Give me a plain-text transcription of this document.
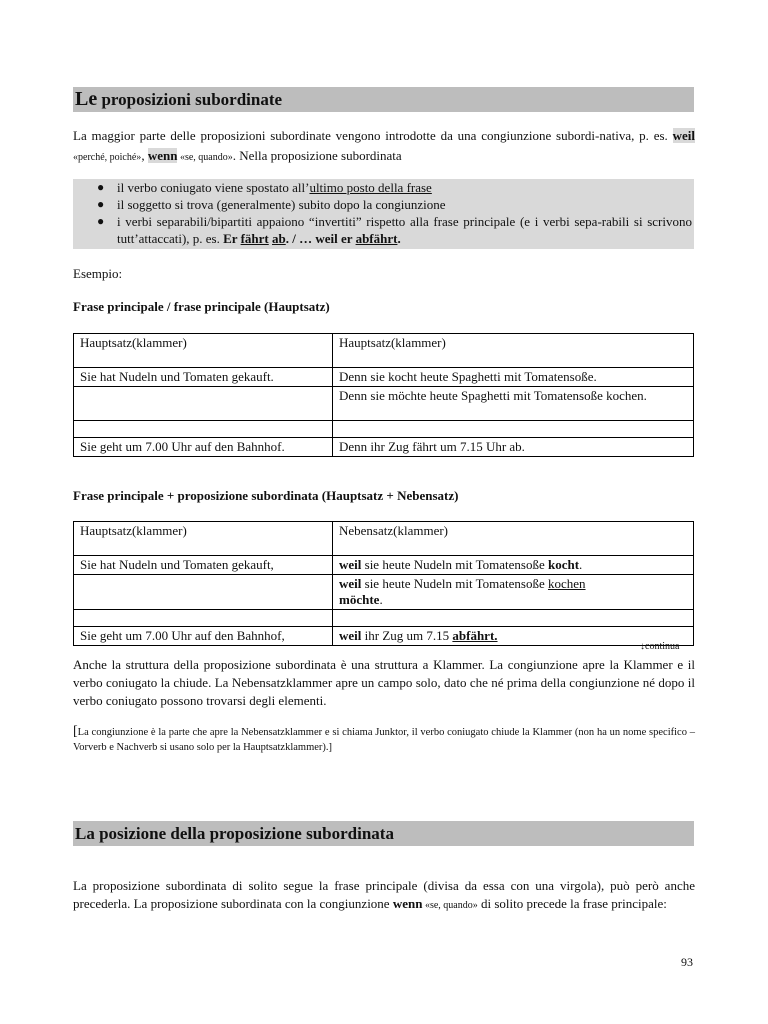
Le proposizioni subordinate

La maggior parte delle proposizioni subordinate vengono introdotte da una congiunzione subordi-nativa, p. es. weil «perché, poiché», wenn «se, quando». Nella proposizione subordinata

● il verbo coniugato viene spostato all’ultimo posto della frase
● il soggetto si trova (generalmente) subito dopo la congiunzione
● i verbi separabili/bipartiti appaiono “invertiti” rispetto alla frase principale (e i verbi sepa-rabili si scrivono tutt’attaccati), p. es. Er fährt ab. / … weil er abfährt.

Esempio:

Frase principale / frase principale (Hauptsatz)
Hauptsatz(klammer)	Hauptsatz(klammer)
Sie hat Nudeln und Tomaten gekauft.	Denn sie kocht heute Spaghetti mit Tomatensoße.
	Denn sie möchte heute Spaghetti mit Tomatensoße kochen.

Sie geht um 7.00 Uhr auf den Bahnhof.	Denn ihr Zug fährt um 7.15 Uhr ab.
Frase principale + proposizione subordinata (Hauptsatz + Nebensatz)
Hauptsatz(klammer)	Nebensatz(klammer)
Sie hat Nudeln und Tomaten gekauft,	weil sie heute Nudeln mit Tomatensoße kocht.
	weil sie heute Nudeln mit Tomatensoße kochen
möchte.

Sie geht um 7.00 Uhr auf den Bahnhof,	weil ihr Zug um 7.15 abfährt.
↓continua

Anche la struttura della proposizione subordinata è una struttura a Klammer. La congiunzione apre la Klammer e il verbo coniugato la chiude. La Nebensatzklammer apre un campo solo, dato che né prima della congiunzione né dopo il verbo coniugato possono trovarsi degli elementi.

[La congiunzione è la parte che apre la Nebensatzklammer e si chiama Junktor, il verbo coniugato chiude la Klammer (non ha un nome specifico – Vorverb e Nachverb si usano solo per la Hauptsatzklammer).]

La posizione della proposizione subordinata

La proposizione subordinata di solito segue la frase principale (divisa da essa con una virgola), può però anche precederla. La proposizione subordinata con la congiunzione wenn «se, quando» di solito precede la frase principale:

93
